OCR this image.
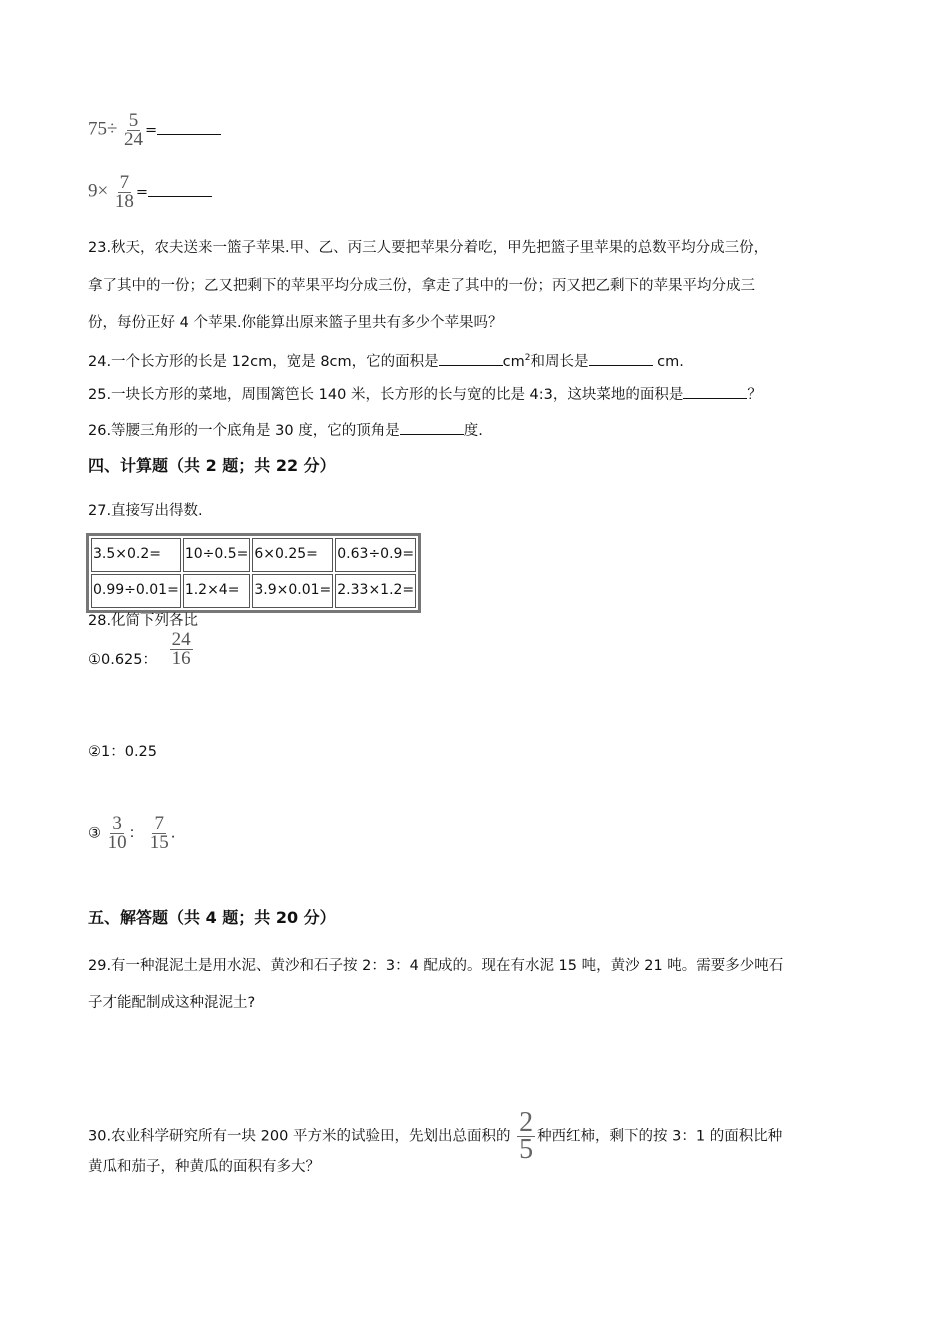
$75\div \frac{5}{24}$ =
$9\times \frac{7}{18}$ =
23.秋天，农夫送来一篮子苹果.甲、乙、丙三人要把苹果分着吃，甲先把篮子里苹果的总数平均分成三份，
拿了其中的一份；乙又把剩下的苹果平均分成三份，拿走了其中的一份；丙又把乙剩下的苹果平均分成三
份，每份正好 4 个苹果.你能算出原来篮子里共有多少个苹果吗？
24.一个长方形的长是 12cm，宽是 8cm，它的面积是	$cm^2$和周长是	cm.
25.一块长方形的菜地，周围篱笆长 140 米，长方形的长与宽的比是 4:3，这块菜地的面积是	？
26.等腰三角形的一个底角是 30 度，它的顶角是	度.
四、计算题（共 2 题；共 22 分）
27.直接写出得数.
3.5×0.2=	10÷0.5=	6×0.25=	0.63÷0.9=
0.99÷0.01=	1.2×4=	3.9×0.01=	2.33×1.2=
28.化简下列各比
①0.625： $\frac{24}{16}$
②1：0.25
③ $\frac{3}{10}$ ： $\frac{7}{15}$ .
五、解答题（共 4 题；共 20 分）
29.有一种混泥土是用水泥、黄沙和石子按 2：3：4 配成的。现在有水泥 15 吨，黄沙 21 吨。需要多少吨石
子才能配制成这种混泥土?
30.农业科学研究所有一块 200 平方米的试验田，先划出总面积的 $\frac{2}{5}$ 种西红柿，剩下的按 3：1 的面积比种
黄瓜和茄子，种黄瓜的面积有多大？
